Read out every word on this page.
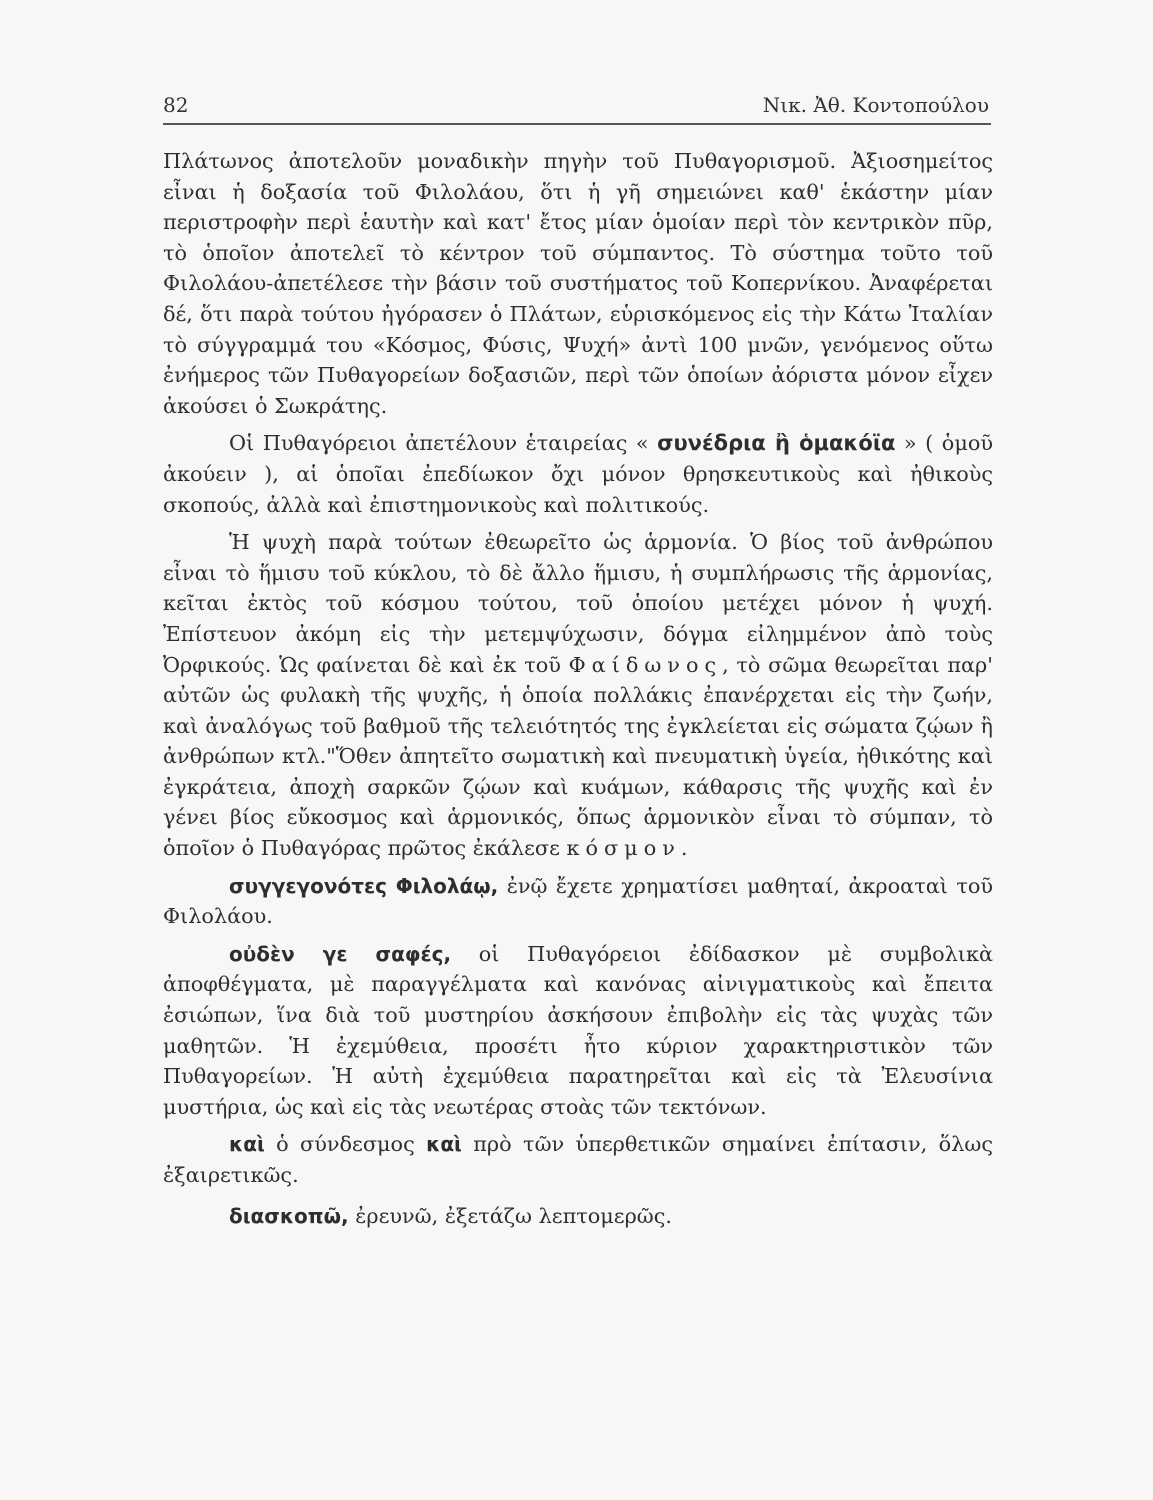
82	Νικ. Ἀθ. Κοντοπούλου

Πλάτωνος ἀποτελοῦν μοναδικὴν πηγὴν τοῦ Πυθαγορισμοῦ. Ἀξιοσημείτος εἶναι ἡ δοξασία τοῦ Φιλολάου, ὅτι ἡ γῆ σημειώνει καθ' ἑκάστην μίαν περιστροφὴν περὶ ἑαυτὴν καὶ κατ' ἔτος μίαν ὁμοίαν περὶ τὸν κεντρικὸν πῦρ, τὸ ὁποῖον ἀποτελεῖ τὸ κέντρον τοῦ σύμπαντος. Τὸ σύστημα τοῦτο τοῦ Φιλολάου-ἀπετέλεσε τὴν βάσιν τοῦ συστήματος τοῦ Κοπερνίκου. Ἀναφέρεται δέ, ὅτι παρὰ τούτου ἠγόρασεν ὁ Πλάτων, εὑρισκόμενος εἰς τὴν Κάτω Ἰταλίαν τὸ σύγγραμμά του «Κόσμος, Φύσις, Ψυχή» ἀντὶ 100 μνῶν, γενόμενος οὕτω ἐνήμερος τῶν Πυθαγορείων δοξασιῶν, περὶ τῶν ὁποίων ἀόριστα μόνον εἶχεν ἀκούσει ὁ Σωκράτης.

Οἱ Πυθαγόρειοι ἀπετέλουν ἑταιρείας « συνέδρια ἢ ὁμακόϊα » ( ὁμοῦ ἀκούειν ), αἱ ὁποῖαι ἐπεδίωκον ὄχι μόνον θρησκευτικοὺς καὶ ἠθικοὺς σκοπούς, ἀλλὰ καὶ ἐπιστημονικοὺς καὶ πολιτικούς.

Ἡ ψυχὴ παρὰ τούτων ἐθεωρεῖτο ὡς ἁρμονία. Ὁ βίος τοῦ ἀνθρώπου εἶναι τὸ ἥμισυ τοῦ κύκλου, τὸ δὲ ἄλλο ἥμισυ, ἡ συμπλήρωσις τῆς ἁρμονίας, κεῖται ἐκτὸς τοῦ κόσμου τούτου, τοῦ ὁποίου μετέχει μόνον ἡ ψυχή. Ἐπίστευον ἀκόμη εἰς τὴν μετεμψύχωσιν, δόγμα εἰλημμένον ἀπὸ τοὺς Ὀρφικούς. Ὡς φαίνεται δὲ καὶ ἐκ τοῦ Φαίδωνος, τὸ σῶμα θεωρεῖται παρ' αὐτῶν ὡς φυλακὴ τῆς ψυχῆς, ἡ ὁποία πολλάκις ἐπανέρχεται εἰς τὴν ζωήν, καὶ ἀναλόγως τοῦ βαθμοῦ τῆς τελειότητός της ἐγκλείεται εἰς σώματα ζῴων ἢ ἀνθρώπων κτλ."Ὅθεν ἀπητεῖτο σωματικὴ καὶ πνευματικὴ ὑγεία, ἠθικότης καὶ ἐγκράτεια, ἀποχὴ σαρκῶν ζῴων καὶ κυάμων, κάθαρσις τῆς ψυχῆς καὶ ἐν γένει βίος εὔκοσμος καὶ ἁρμονικός, ὅπως ἁρμονικὸν εἶναι τὸ σύμπαν, τὸ ὁποῖον ὁ Πυθαγόρας πρῶτος ἐκάλεσε κόσμον.

συγγεγονότες Φιλολάῳ, ἐνῷ ἔχετε χρηματίσει μαθηταί, ἀκροαταὶ τοῦ Φιλολάου.

οὐδὲν γε σαφές, οἱ Πυθαγόρειοι ἐδίδασκον μὲ συμβολικὰ ἀποφθέγματα, μὲ παραγγέλματα καὶ κανόνας αἰνιγματικοὺς καὶ ἔπειτα ἐσιώπων, ἵνα διὰ τοῦ μυστηρίου ἀσκήσουν ἐπιβολὴν εἰς τὰς ψυχὰς τῶν μαθητῶν. Ἡ ἐχεμύθεια, προσέτι ἦτο κύριον χαρακτηριστικὸν τῶν Πυθαγορείων. Ἡ αὐτὴ ἐχεμύθεια παρατηρεῖται καὶ εἰς τὰ Ἐλευσίνια μυστήρια, ὡς καὶ εἰς τὰς νεωτέρας στοὰς τῶν τεκτόνων.

καὶ ὁ σύνδεσμος καὶ πρὸ τῶν ὑπερθετικῶν σημαίνει ἐπίτασιν, ὅλως ἐξαιρετικῶς.

διασκοπῶ, ἐρευνῶ, ἐξετάζω λεπτομερῶς.
